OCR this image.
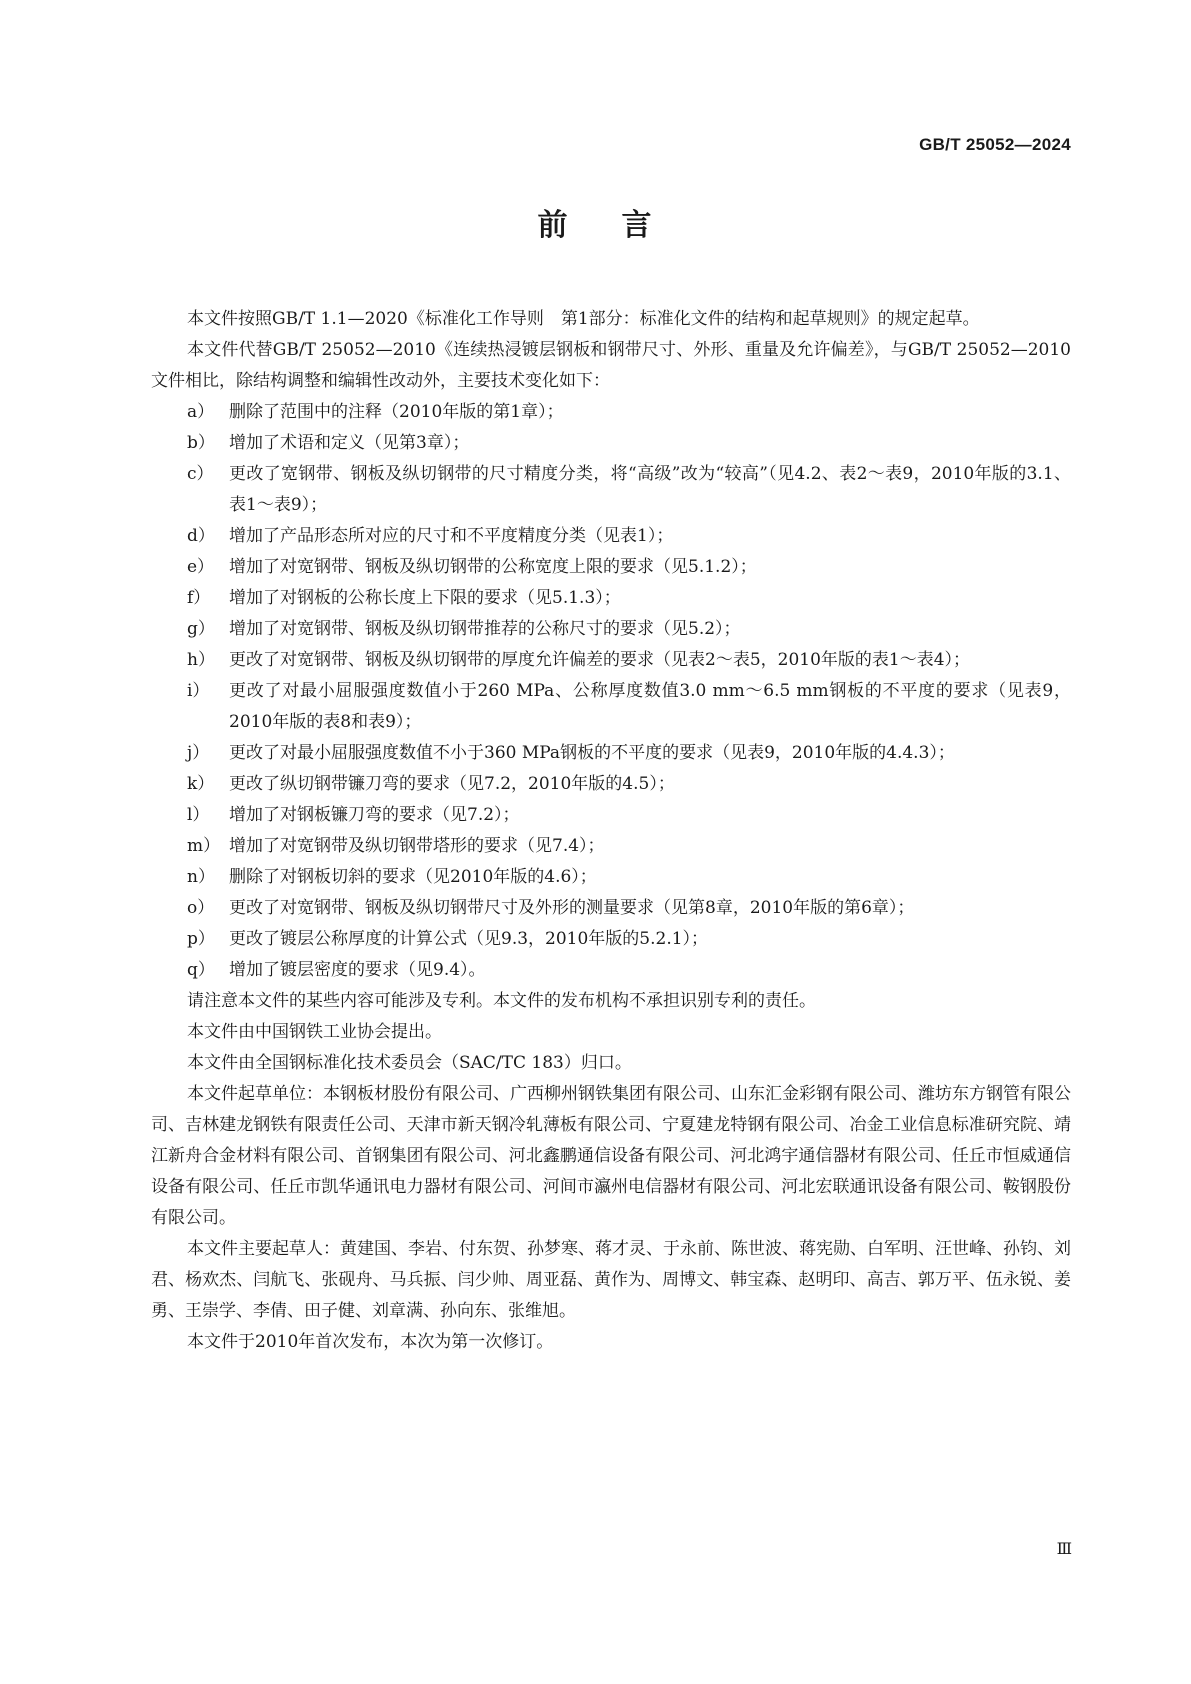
GB/T 25052—2024
前 言

本文件按照GB/T 1.1—2020《标准化工作导则　第1部分：标准化文件的结构和起草规则》的规定起草。

本文件代替GB/T 25052—2010《连续热浸镀层钢板和钢带尺寸、外形、重量及允许偏差》，与GB/T 25052—2010文件相比，除结构调整和编辑性改动外，主要技术变化如下：

a） 删除了范围中的注释（2010年版的第1章）；
b） 增加了术语和定义（见第3章）；
c） 更改了宽钢带、钢板及纵切钢带的尺寸精度分类，将“高级”改为“较高”（见4.2、表2～表9，2010年版的3.1、表1～表9）；
d） 增加了产品形态所对应的尺寸和不平度精度分类（见表1）；
e） 增加了对宽钢带、钢板及纵切钢带的公称宽度上限的要求（见5.1.2）；
f）	增加了对钢板的公称长度上下限的要求（见5.1.3）；
g） 增加了对宽钢带、钢板及纵切钢带推荐的公称尺寸的要求（见5.2）；
h） 更改了对宽钢带、钢板及纵切钢带的厚度允许偏差的要求（见表2～表5，2010年版的表1～表4）；
i）	更改了对最小屈服强度数值小于260 MPa、公称厚度数值3.0 mm～6.5 mm钢板的不平度的要求（见表9，2010年版的表8和表9）；
j）	更改了对最小屈服强度数值不小于360 MPa钢板的不平度的要求（见表9，2010年版的4.4.3）；
k） 更改了纵切钢带镰刀弯的要求（见7.2，2010年版的4.5）；
l）	增加了对钢板镰刀弯的要求（见7.2）；
m） 增加了对宽钢带及纵切钢带塔形的要求（见7.4）；
n） 删除了对钢板切斜的要求（见2010年版的4.6）；
o） 更改了对宽钢带、钢板及纵切钢带尺寸及外形的测量要求（见第8章，2010年版的第6章）；
p） 更改了镀层公称厚度的计算公式（见9.3，2010年版的5.2.1）；
q） 增加了镀层密度的要求（见9.4）。

请注意本文件的某些内容可能涉及专利。本文件的发布机构不承担识别专利的责任。

本文件由中国钢铁工业协会提出。

本文件由全国钢标准化技术委员会（SAC/TC 183）归口。

本文件起草单位：本钢板材股份有限公司、广西柳州钢铁集团有限公司、山东汇金彩钢有限公司、潍坊东方钢管有限公司、吉林建龙钢铁有限责任公司、天津市新天钢冷轧薄板有限公司、宁夏建龙特钢有限公司、冶金工业信息标准研究院、靖江新舟合金材料有限公司、首钢集团有限公司、河北鑫鹏通信设备有限公司、河北鸿宇通信器材有限公司、任丘市恒威通信设备有限公司、任丘市凯华通讯电力器材有限公司、河间市瀛州电信器材有限公司、河北宏联通讯设备有限公司、鞍钢股份有限公司。

本文件主要起草人：黄建国、李岩、付东贺、孙梦寒、蒋才灵、于永前、陈世波、蒋宪勋、白军明、汪世峰、孙钧、刘君、杨欢杰、闫航飞、张砚舟、马兵振、闫少帅、周亚磊、黄作为、周博文、韩宝森、赵明印、高吉、郭万平、伍永锐、姜勇、王崇学、李倩、田子健、刘章满、孙向东、张维旭。

本文件于2010年首次发布，本次为第一次修订。

Ⅲ
